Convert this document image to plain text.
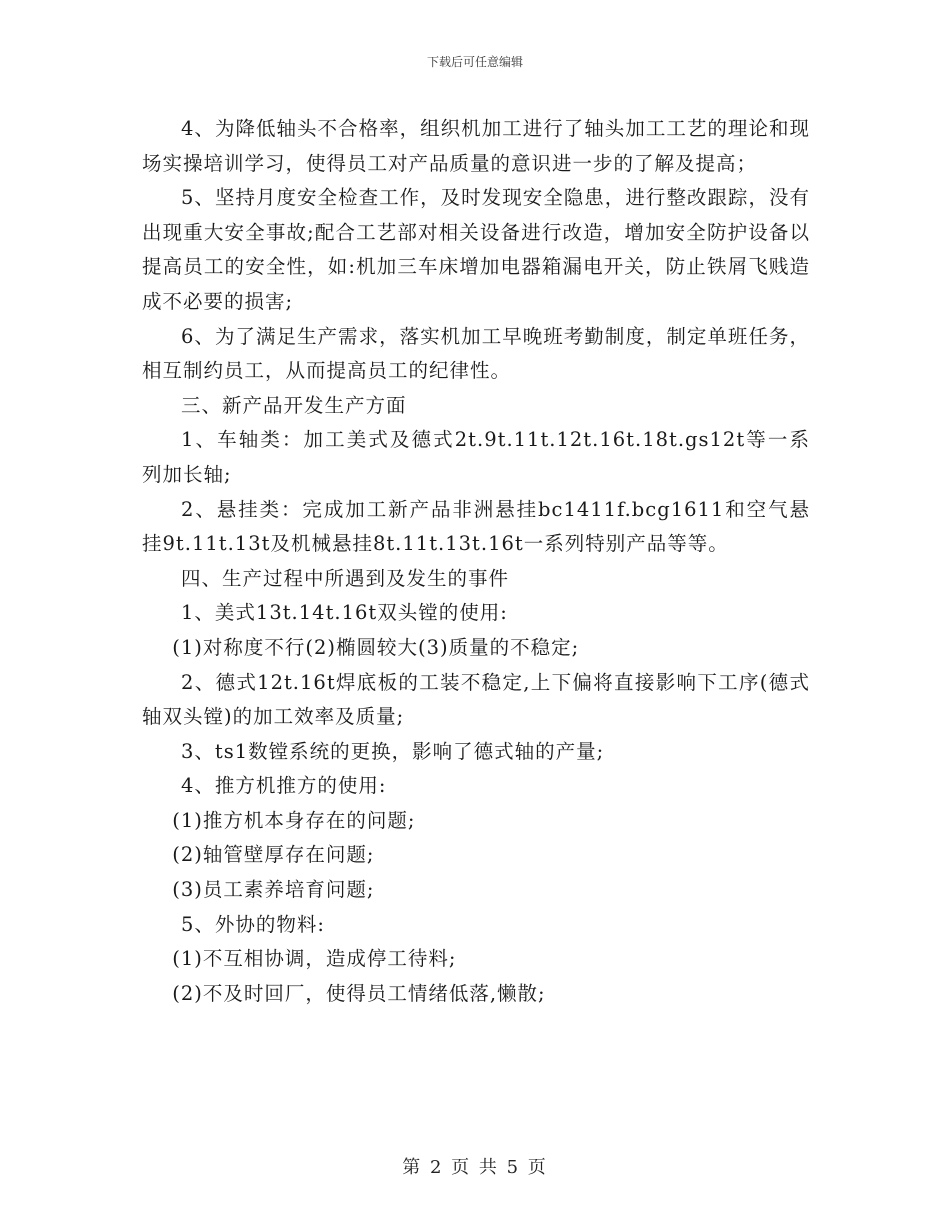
下载后可任意编辑

4、为降低轴头不合格率，组织机加工进行了轴头加工工艺的理论和现场实操培训学习，使得员工对产品质量的意识进一步的了解及提高；

5、坚持月度安全检查工作，及时发现安全隐患，进行整改跟踪，没有出现重大安全事故;配合工艺部对相关设备进行改造，增加安全防护设备以提高员工的安全性，如:机加三车床增加电器箱漏电开关，防止铁屑飞贱造成不必要的损害;

6、为了满足生产需求，落实机加工早晚班考勤制度，制定单班任务，相互制约员工，从而提高员工的纪律性。

三、新产品开发生产方面

1、车轴类：加工美式及德式2t.9t.11t.12t.16t.18t.gs12t等一系列加长轴;

2、悬挂类：完成加工新产品非洲悬挂bc1411f.bcg1611和空气悬挂9t.11t.13t及机械悬挂8t.11t.13t.16t一系列特别产品等等。

四、生产过程中所遇到及发生的事件

1、美式13t.14t.16t双头镗的使用:

(1)对称度不行(2)椭圆较大(3)质量的不稳定;

2、德式12t.16t焊底板的工装不稳定,上下偏将直接影响下工序(德式轴双头镗)的加工效率及质量;

3、ts1数镗系统的更换，影响了德式轴的产量;

4、推方机推方的使用:

(1)推方机本身存在的问题;

(2)轴管壁厚存在问题;

(3)员工素养培育问题;

5、外协的物料:

(1)不互相协调，造成停工待料;

(2)不及时回厂，使得员工情绪低落,懒散;

第 2 页 共 5 页
